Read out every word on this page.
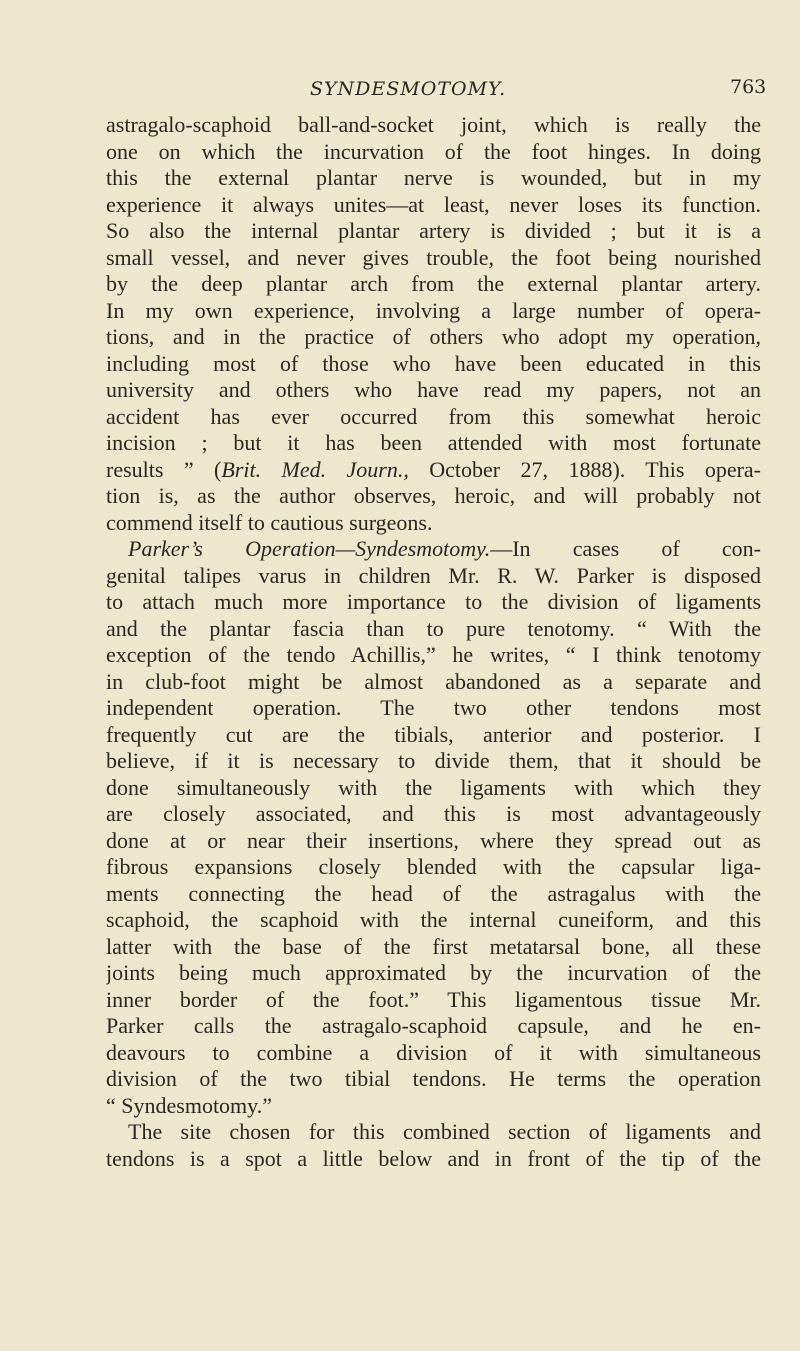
SYNDESMOTOMY.	763
astragalo-scaphoid ball-and-socket joint, which is really the
one on which the incurvation of the foot hinges. In doing
this the external plantar nerve is wounded, but in my
experience it always unites—at least, never loses its function.
So also the internal plantar artery is divided ; but it is a
small vessel, and never gives trouble, the foot being nourished
by the deep plantar arch from the external plantar artery.
In my own experience, involving a large number of opera-
tions, and in the practice of others who adopt my operation,
including most of those who have been educated in this
university and others who have read my papers, not an
accident has ever occurred from this somewhat heroic
incision ; but it has been attended with most fortunate
results ” (Brit. Med. Journ., October 27, 1888). This opera-
tion is, as the author observes, heroic, and will probably not
commend itself to cautious surgeons.
Parker’s Operation—Syndesmotomy.—In cases of con-
genital talipes varus in children Mr. R. W. Parker is disposed
to attach much more importance to the division of ligaments
and the plantar fascia than to pure tenotomy. “ With the
exception of the tendo Achillis,” he writes, “ I think tenotomy
in club-foot might be almost abandoned as a separate and
independent operation. The two other tendons most
frequently cut are the tibials, anterior and posterior. I
believe, if it is necessary to divide them, that it should be
done simultaneously with the ligaments with which they
are closely associated, and this is most advantageously
done at or near their insertions, where they spread out as
fibrous expansions closely blended with the capsular liga-
ments connecting the head of the astragalus with the
scaphoid, the scaphoid with the internal cuneiform, and this
latter with the base of the first metatarsal bone, all these
joints being much approximated by the incurvation of the
inner border of the foot.” This ligamentous tissue Mr.
Parker calls the astragalo-scaphoid capsule, and he en-
deavours to combine a division of it with simultaneous
division of the two tibial tendons. He terms the operation
“ Syndesmotomy.”
The site chosen for this combined section of ligaments and
tendons is a spot a little below and in front of the tip of the
